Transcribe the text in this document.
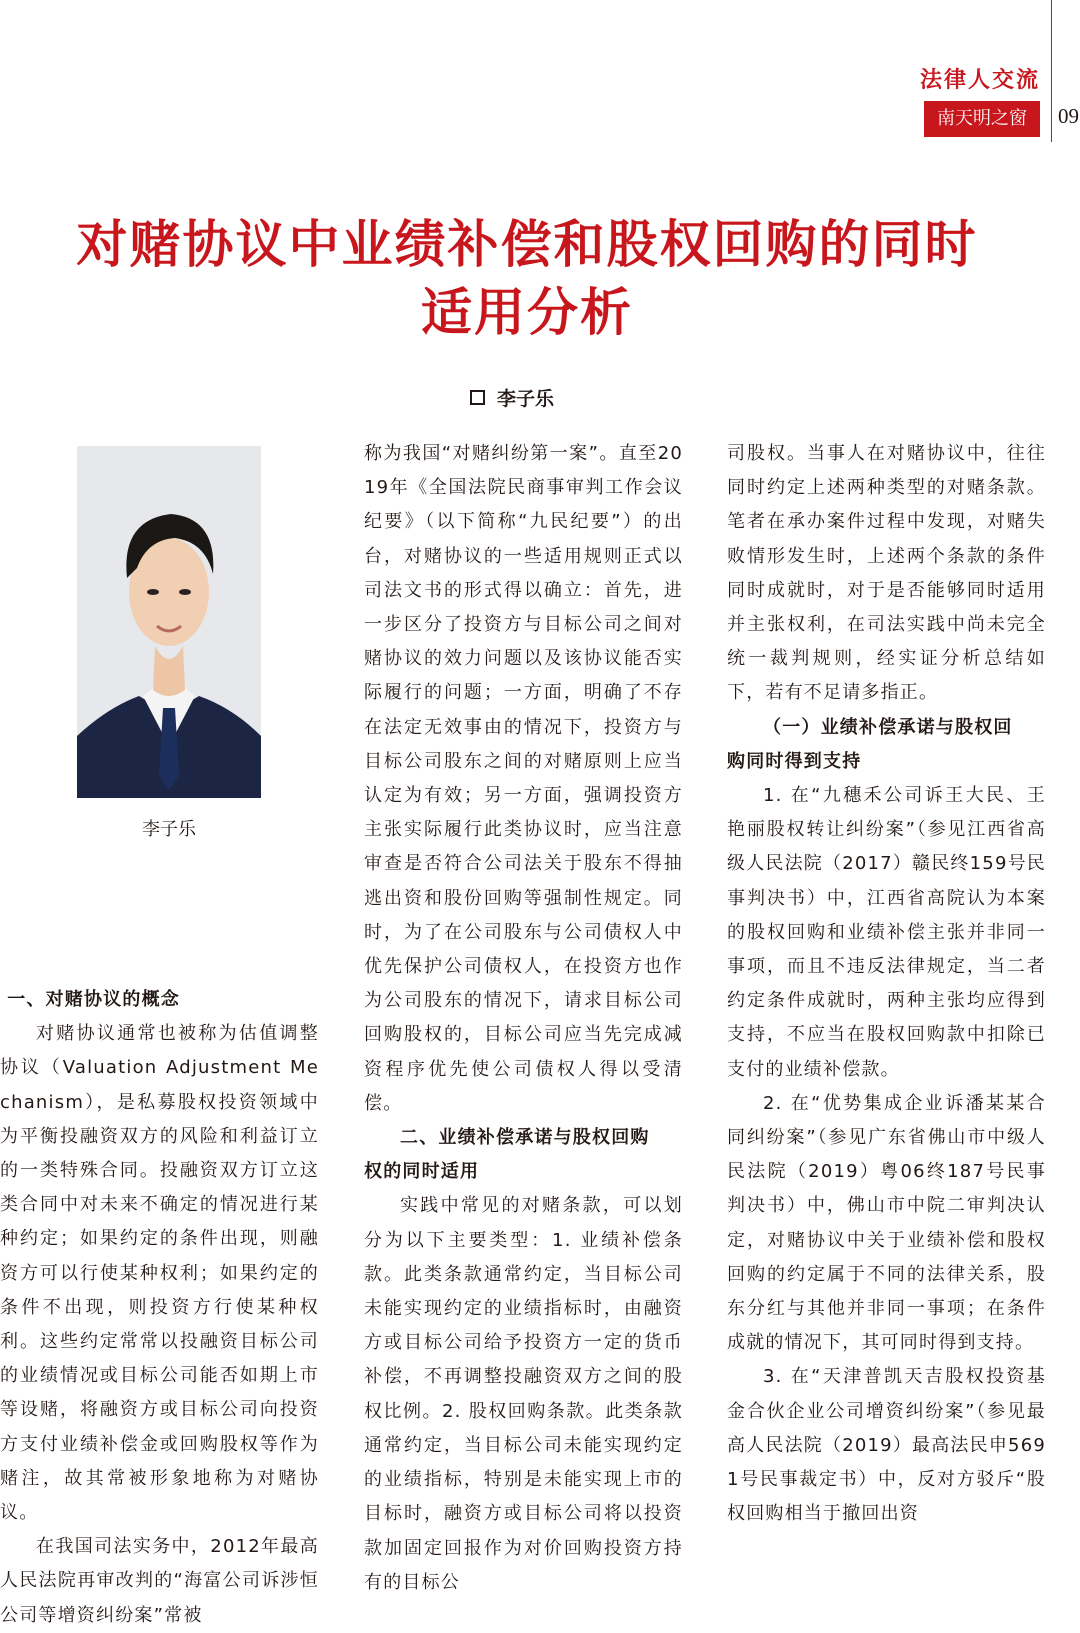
法律人交流
南天明之窗	09
对赌协议中业绩补偿和股权回购的同时
适用分析
李子乐
李子乐
一、对赌协议的概念

对赌协议通常也被称为估值调整协议（Valuation Adjustment Mechanism），是私募股权投资领域中为平衡投融资双方的风险和利益订立的一类特殊合同。投融资双方订立这类合同中对未来不确定的情况进行某种约定；如果约定的条件出现，则融资方可以行使某种权利；如果约定的条件不出现，则投资方行使某种权利。这些约定常常以投融资目标公司的业绩情况或目标公司能否如期上市等设赌，将融资方或目标公司向投资方支付业绩补偿金或回购股权等作为赌注，故其常被形象地称为对赌协议。

在我国司法实务中，2012年最高人民法院再审改判的“海富公司诉涉恒公司等增资纠纷案”常被

称为我国“对赌纠纷第一案”。直至2019年《全国法院民商事审判工作会议纪要》（以下简称“九民纪要”）的出台，对赌协议的一些适用规则正式以司法文书的形式得以确立：首先，进一步区分了投资方与目标公司之间对赌协议的效力问题以及该协议能否实际履行的问题；一方面，明确了不存在法定无效事由的情况下，投资方与目标公司股东之间的对赌原则上应当认定为有效；另一方面，强调投资方主张实际履行此类协议时，应当注意审查是否符合公司法关于股东不得抽逃出资和股份回购等强制性规定。同时，为了在公司股东与公司债权人中优先保护公司债权人，在投资方也作为公司股东的情况下，请求目标公司回购股权的，目标公司应当先完成减资程序优先使公司债权人得以受清偿。

二、业绩补偿承诺与股权回购

权的同时适用

实践中常见的对赌条款，可以划分为以下主要类型：1. 业绩补偿条款。此类条款通常约定，当目标公司未能实现约定的业绩指标时，由融资方或目标公司给予投资方一定的货币补偿，不再调整投融资双方之间的股权比例。2. 股权回购条款。此类条款通常约定，当目标公司未能实现约定的业绩指标，特别是未能实现上市的目标时，融资方或目标公司将以投资款加固定回报作为对价回购投资方持有的目标公

司股权。当事人在对赌协议中，往往同时约定上述两种类型的对赌条款。笔者在承办案件过程中发现，对赌失败情形发生时，上述两个条款的条件同时成就时，对于是否能够同时适用并主张权利，在司法实践中尚未完全统一裁判规则，经实证分析总结如下，若有不足请多指正。

（一）业绩补偿承诺与股权回

购同时得到支持

1. 在“九穗禾公司诉王大民、王艳丽股权转让纠纷案”（参见江西省高级人民法院（2017）赣民终159号民事判决书）中，江西省高院认为本案的股权回购和业绩补偿主张并非同一事项，而且不违反法律规定，当二者约定条件成就时，两种主张均应得到支持，不应当在股权回购款中扣除已支付的业绩补偿款。

2. 在“优势集成企业诉潘某某合同纠纷案”（参见广东省佛山市中级人民法院（2019）粤06终187号民事判决书）中，佛山市中院二审判决认定，对赌协议中关于业绩补偿和股权回购的约定属于不同的法律关系，股东分红与其他并非同一事项；在条件成就的情况下，其可同时得到支持。

3. 在“天津普凯天吉股权投资基金合伙企业公司增资纠纷案”（参见最高人民法院（2019）最高法民申5691号民事裁定书）中，反对方驳斥“股权回购相当于撤回出资
